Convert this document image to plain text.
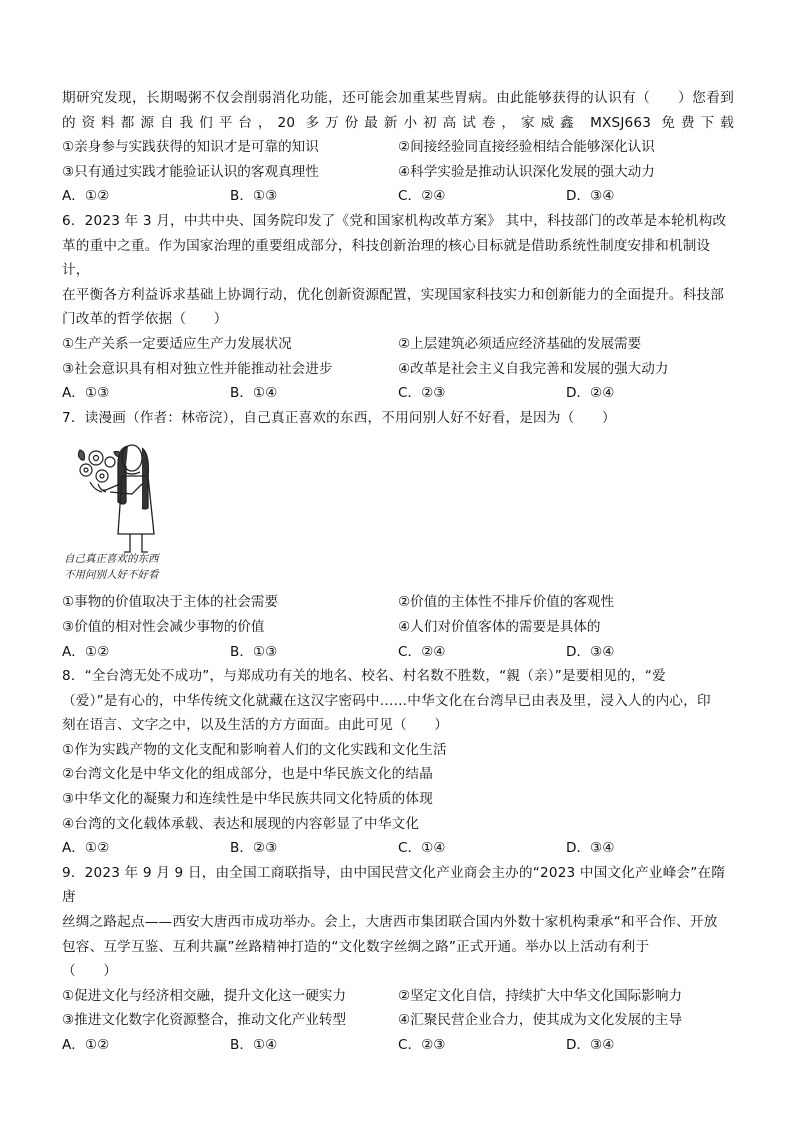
期研究发现，长期喝粥不仅会削弱消化功能，还可能会加重某些胃病。由此能够获得的认识有（　　）您看到

的资料都源自我们平台，20 多万份最新小初高试卷，家威鑫 MXSJ663 免费下载

①亲身参与实践获得的知识才是可靠的知识	②间接经验同直接经验相结合能够深化认识
③只有通过实践才能验证认识的客观真理性	④科学实验是推动认识深化发展的强大动力
A．①②	B．①③	C．②④	D．③④

6．2023 年 3 月，中共中央、国务院印发了《党和国家机构改革方案》 其中，科技部门的改革是本轮机构改

革的重中之重。作为国家治理的重要组成部分，科技创新治理的核心目标就是借助系统性制度安排和机制设计，

在平衡各方利益诉求基础上协调行动，优化创新资源配置，实现国家科技实力和创新能力的全面提升。科技部

门改革的哲学依据（　　）

①生产关系一定要适应生产力发展状况	②上层建筑必须适应经济基础的发展需要
③社会意识具有相对独立性并能推动社会进步	④改革是社会主义自我完善和发展的强大动力
A．①③	B．①④	C．②③	D．②④

7．读漫画（作者：林帝浣），自己真正喜欢的东西，不用问别人好不好看，是因为（　　）

自己真正喜欢的东西
不用问别人好不好看
①事物的价值取决于主体的社会需要	②价值的主体性不排斥价值的客观性
③价值的相对性会减少事物的价值	④人们对价值客体的需要是具体的
A．①②	B．①③	C．②④	D．③④

8．“全台湾无处不成功”，与郑成功有关的地名、校名、村名数不胜数，“親（亲）”是要相见的，“爱

（爱）”是有心的，中华传统文化就藏在这汉字密码中……中华文化在台湾早已由表及里，浸入人的内心，印

刻在语言、文字之中，以及生活的方方面面。由此可见（　　）

①作为实践产物的文化支配和影响着人们的文化实践和文化生活

②台湾文化是中华文化的组成部分，也是中华民族文化的结晶

③中华文化的凝聚力和连续性是中华民族共同文化特质的体现

④台湾的文化载体承载、表达和展现的内容彰显了中华文化

A．①②	B．②③	C．①④	D．③④

9．2023 年 9 月 9 日，由全国工商联指导，由中国民营文化产业商会主办的“2023 中国文化产业峰会”在隋唐

丝绸之路起点——西安大唐西市成功举办。会上，大唐西市集团联合国内外数十家机构秉承“和平合作、开放

包容、互学互鉴、互利共赢”丝路精神打造的“文化数字丝绸之路”正式开通。举办以上活动有利于

（　　）

①促进文化与经济相交融，提升文化这一硬实力	②坚定文化自信，持续扩大中华文化国际影响力
③推进文化数字化资源整合，推动文化产业转型	④汇聚民营企业合力，使其成为文化发展的主导
A．①②	B．①④	C．②③	D．③④
